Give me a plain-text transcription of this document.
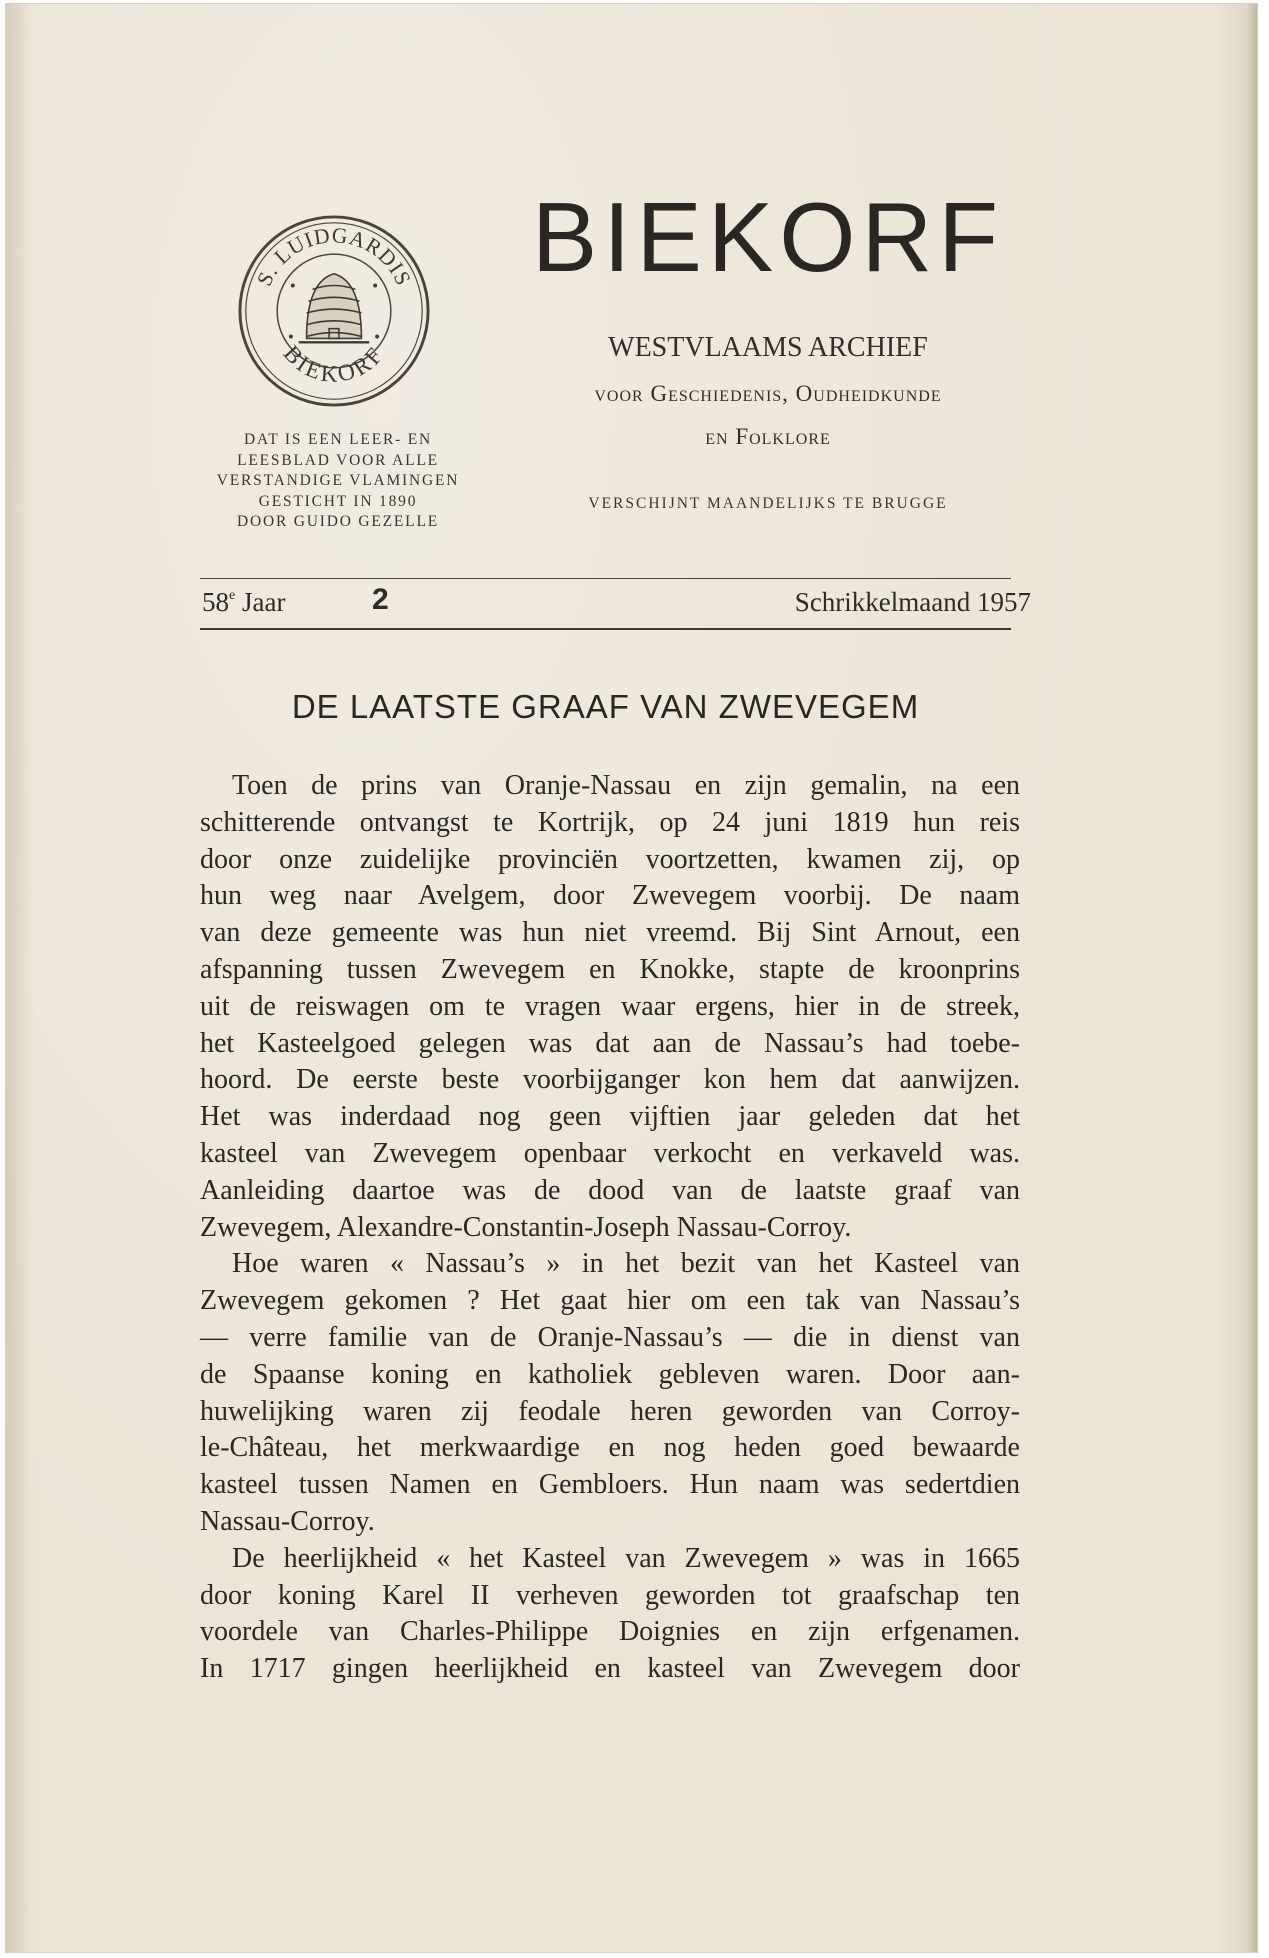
S. LUIDGARDIS
BIEKORF
DAT IS EEN LEER- EN
LEESBLAD VOOR ALLE
VERSTANDIGE VLAMINGEN
GESTICHT IN 1890
DOOR GUIDO GEZELLE
BIEKORF
WESTVLAAMS ARCHIEF
voor Geschiedenis, Oudheidkunde
en Folklore
VERSCHIJNT MAANDELIJKS TE BRUGGE
58e Jaar	2	Schrikkelmaand 1957
DE LAATSTE GRAAF VAN ZWEVEGEM
Toen de prins van Oranje-Nassau en zijn gemalin, na een
schitterende ontvangst te Kortrijk, op 24 juni 1819 hun reis
door onze zuidelijke provinciën voortzetten, kwamen zij, op
hun weg naar Avelgem, door Zwevegem voorbij. De naam
van deze gemeente was hun niet vreemd. Bij Sint Arnout, een
afspanning tussen Zwevegem en Knokke, stapte de kroonprins
uit de reiswagen om te vragen waar ergens, hier in de streek,
het Kasteelgoed gelegen was dat aan de Nassau’s had toebe-
hoord. De eerste beste voorbijganger kon hem dat aanwijzen.
Het was inderdaad nog geen vijftien jaar geleden dat het
kasteel van Zwevegem openbaar verkocht en verkaveld was.
Aanleiding daartoe was de dood van de laatste graaf van
Zwevegem, Alexandre-Constantin-Joseph Nassau-Corroy.
Hoe waren « Nassau’s » in het bezit van het Kasteel van
Zwevegem gekomen ? Het gaat hier om een tak van Nassau’s
— verre familie van de Oranje-Nassau’s — die in dienst van
de Spaanse koning en katholiek gebleven waren. Door aan-
huwelijking waren zij feodale heren geworden van Corroy-
le-Château, het merkwaardige en nog heden goed bewaarde
kasteel tussen Namen en Gembloers. Hun naam was sedertdien
Nassau-Corroy.
De heerlijkheid « het Kasteel van Zwevegem » was in 1665
door koning Karel II verheven geworden tot graafschap ten
voordele van Charles-Philippe Doignies en zijn erfgenamen.
In 1717 gingen heerlijkheid en kasteel van Zwevegem door
